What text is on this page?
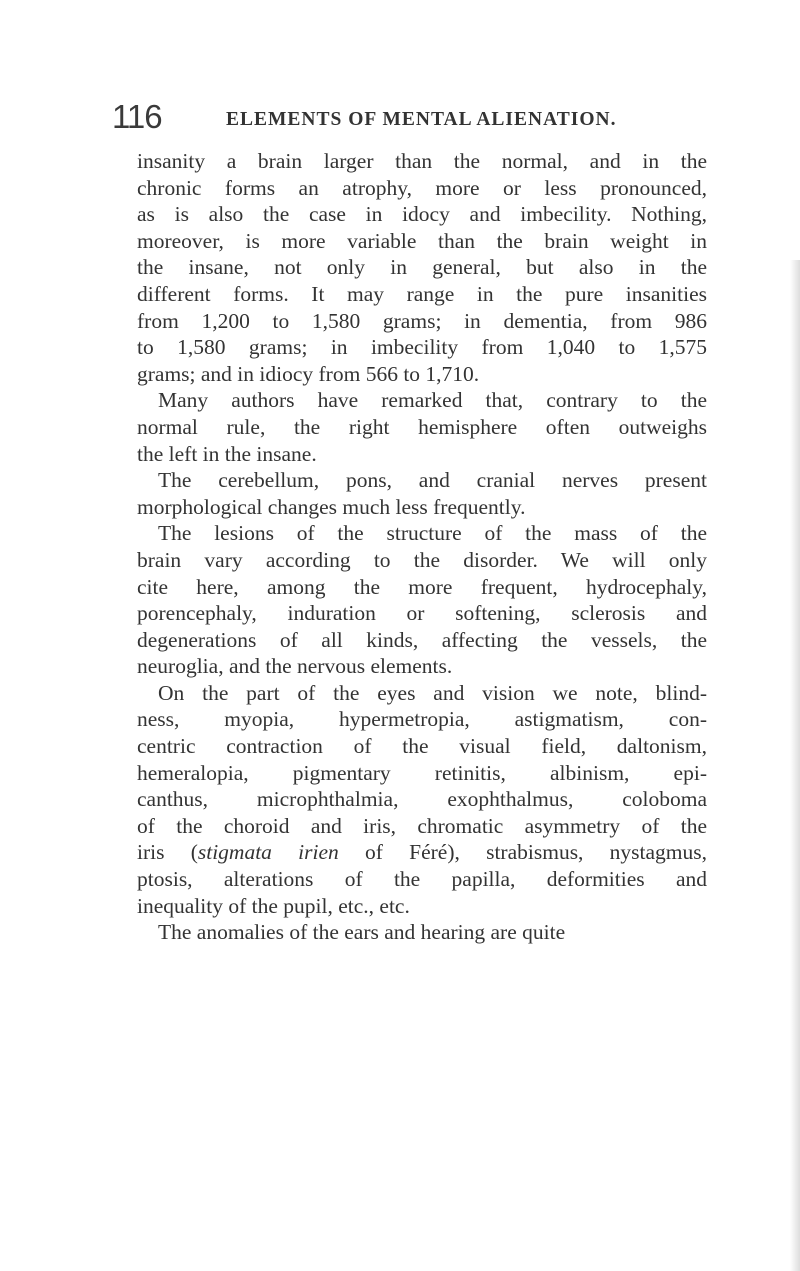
116	ELEMENTS OF MENTAL ALIENATION.
insanity a brain larger than the normal, and in the
chronic forms an atrophy, more or less pronounced,
as is also the case in idocy and imbecility. Nothing,
moreover, is more variable than the brain weight in
the insane, not only in general, but also in the
different forms. It may range in the pure insanities
from 1,200 to 1,580 grams; in dementia, from 986
to 1,580 grams; in imbecility from 1,040 to 1,575
grams; and in idiocy from 566 to 1,710.
Many authors have remarked that, contrary to the
normal rule, the right hemisphere often outweighs
the left in the insane.
The cerebellum, pons, and cranial nerves present
morphological changes much less frequently.
The lesions of the structure of the mass of the
brain vary according to the disorder. We will only
cite here, among the more frequent, hydrocephaly,
porencephaly, induration or softening, sclerosis and
degenerations of all kinds, affecting the vessels, the
neuroglia, and the nervous elements.
On the part of the eyes and vision we note, blind-
ness, myopia, hypermetropia, astigmatism, con-
centric contraction of the visual field, daltonism,
hemeralopia, pigmentary retinitis, albinism, epi-
canthus, microphthalmia, exophthalmus, coloboma
of the choroid and iris, chromatic asymmetry of the
iris (stigmata irien of Féré), strabismus, nystagmus,
ptosis, alterations of the papilla, deformities and
inequality of the pupil, etc., etc.
The anomalies of the ears and hearing are quite
